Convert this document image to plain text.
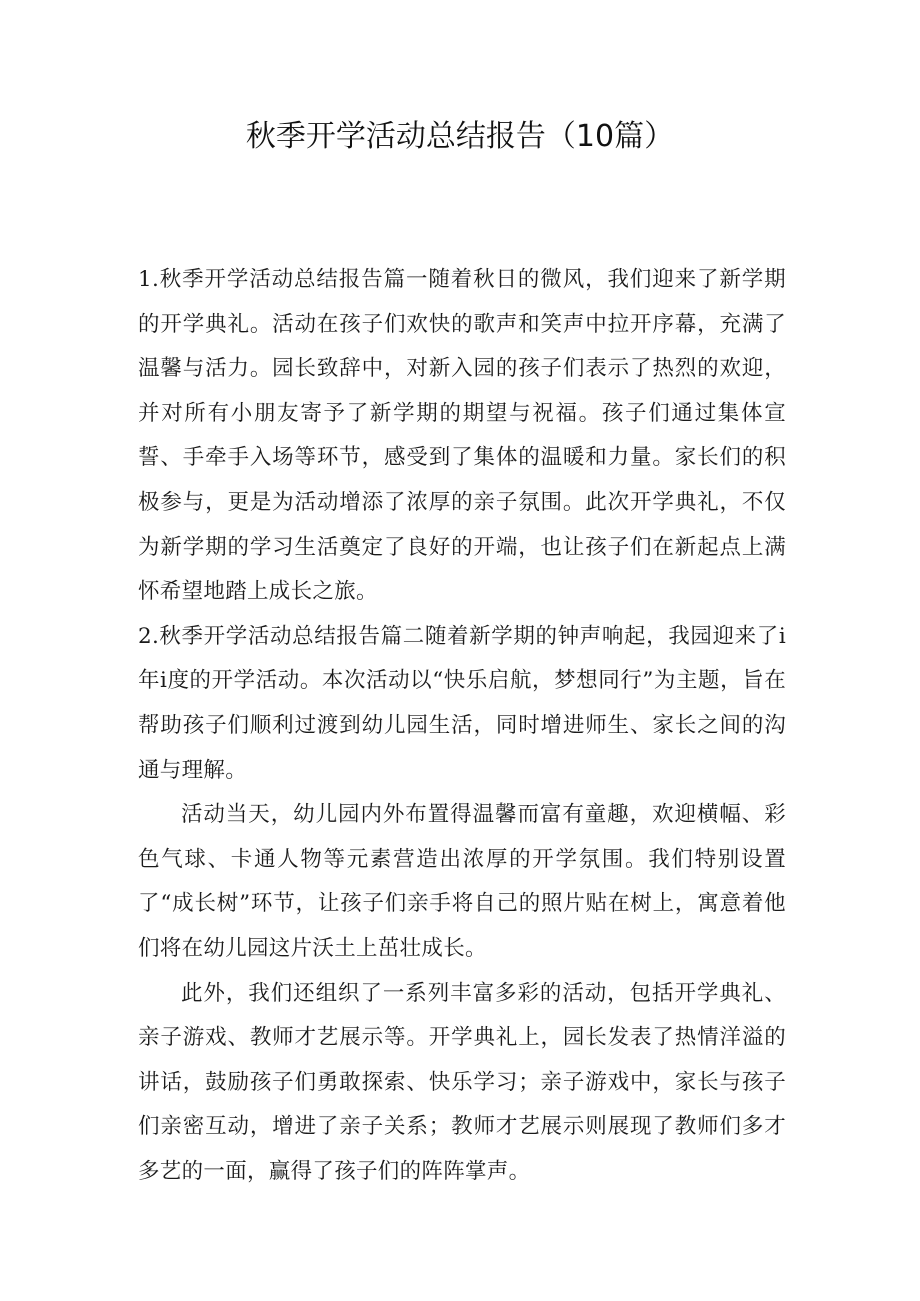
秋季开学活动总结报告（10篇）

1.秋季开学活动总结报告篇一随着秋日的微风，我们迎来了新学期的开学典礼。活动在孩子们欢快的歌声和笑声中拉开序幕，充满了温馨与活力。园长致辞中，对新入园的孩子们表示了热烈的欢迎，并对所有小朋友寄予了新学期的期望与祝福。孩子们通过集体宣誓、手牵手入场等环节，感受到了集体的温暖和力量。家长们的积极参与，更是为活动增添了浓厚的亲子氛围。此次开学典礼，不仅为新学期的学习生活奠定了良好的开端，也让孩子们在新起点上满怀希望地踏上成长之旅。

2.秋季开学活动总结报告篇二随着新学期的钟声响起，我园迎来了i年i度的开学活动。本次活动以“快乐启航，梦想同行”为主题，旨在帮助孩子们顺利过渡到幼儿园生活，同时增进师生、家长之间的沟通与理解。

活动当天，幼儿园内外布置得温馨而富有童趣，欢迎横幅、彩色气球、卡通人物等元素营造出浓厚的开学氛围。我们特别设置了“成长树”环节，让孩子们亲手将自己的照片贴在树上，寓意着他们将在幼儿园这片沃土上茁壮成长。

此外，我们还组织了一系列丰富多彩的活动，包括开学典礼、亲子游戏、教师才艺展示等。开学典礼上，园长发表了热情洋溢的讲话，鼓励孩子们勇敢探索、快乐学习；亲子游戏中，家长与孩子们亲密互动，增进了亲子关系；教师才艺展示则展现了教师们多才多艺的一面，赢得了孩子们的阵阵掌声。
